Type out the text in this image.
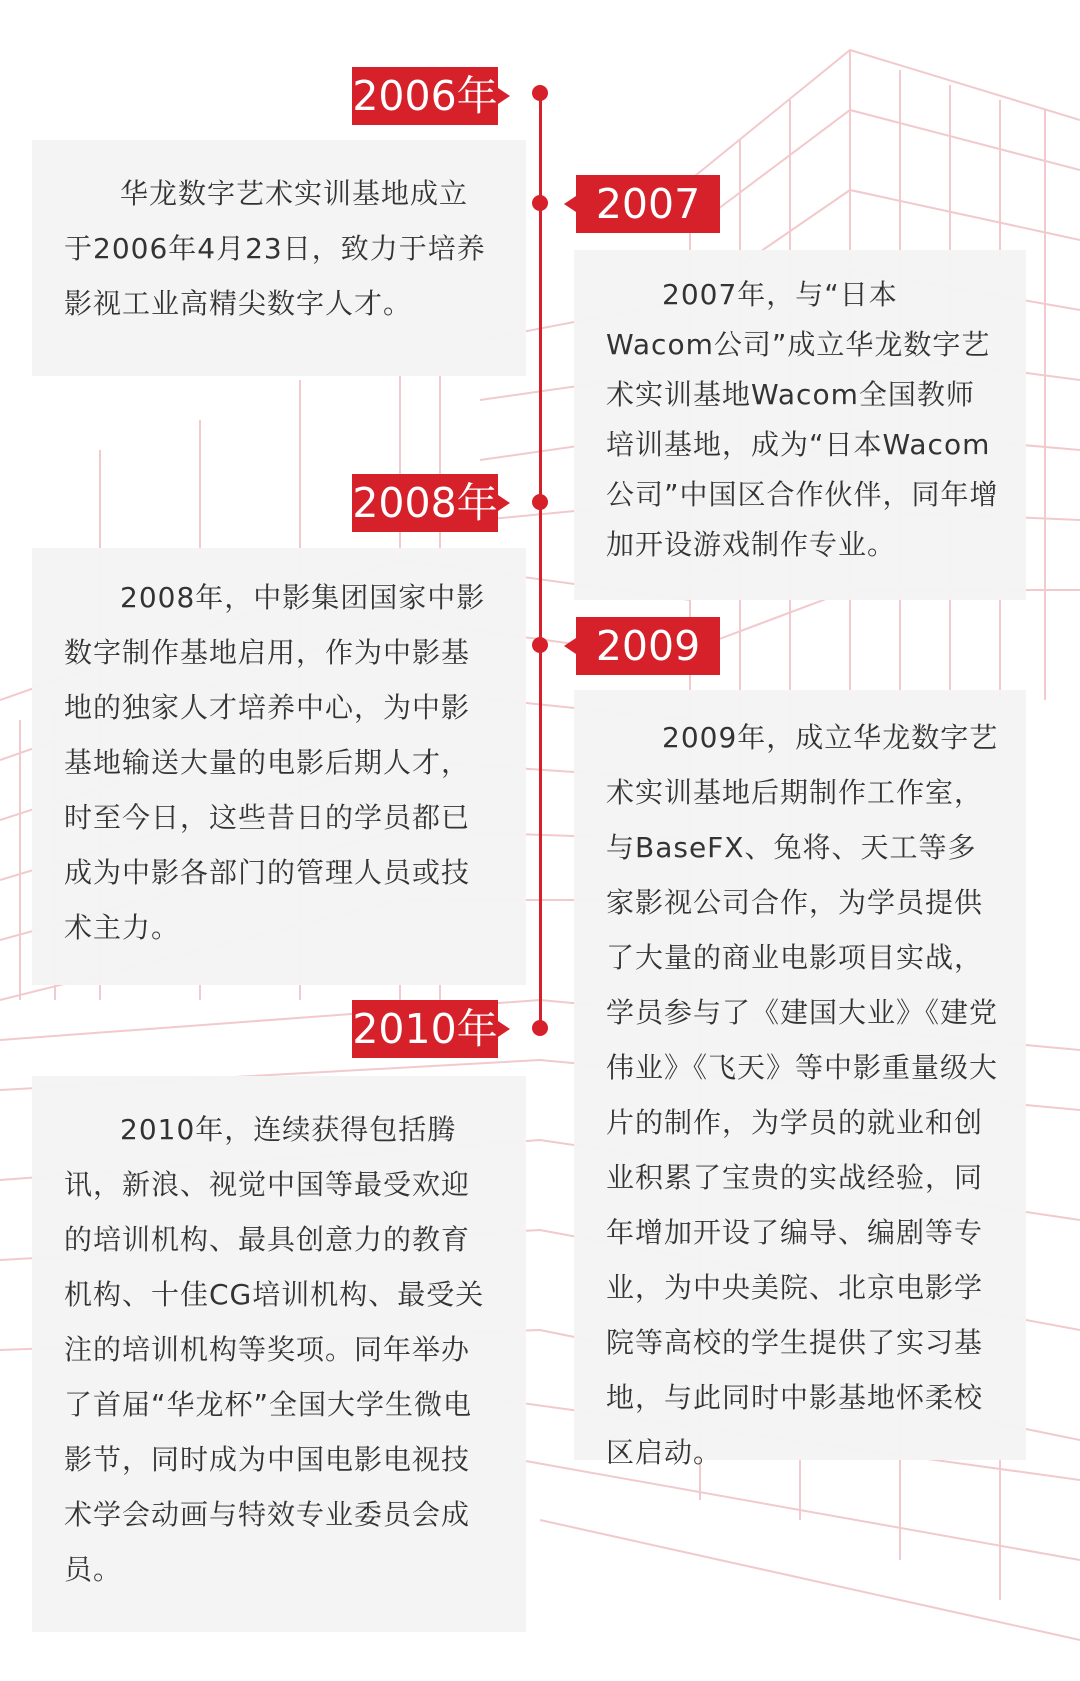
2006年

华龙数字艺术实训基地成立于2006年4月23日，致力于培养影视工业高精尖数字人才。

2007

2007年，与“日本Wacom公司”成立华龙数字艺术实训基地Wacom全国教师培训基地，成为“日本Wacom公司”中国区合作伙伴，同年增加开设游戏制作专业。

2008年

2008年，中影集团国家中影数字制作基地启用，作为中影基地的独家人才培养中心，为中影基地输送大量的电影后期人才，时至今日，这些昔日的学员都已成为中影各部门的管理人员或技术主力。

2009

2009年，成立华龙数字艺术实训基地后期制作工作室，与BaseFX、兔将、天工等多家影视公司合作，为学员提供了大量的商业电影项目实战，学员参与了《建国大业》《建党伟业》《飞天》等中影重量级大片的制作，为学员的就业和创业积累了宝贵的实战经验，同年增加开设了编导、编剧等专业，为中央美院、北京电影学院等高校的学生提供了实习基地，与此同时中影基地怀柔校区启动。

2010年

2010年，连续获得包括腾讯，新浪、视觉中国等最受欢迎的培训机构、最具创意力的教育机构、十佳CG培训机构、最受关注的培训机构等奖项。同年举办了首届“华龙杯”全国大学生微电影节，同时成为中国电影电视技术学会动画与特效专业委员会成员。
